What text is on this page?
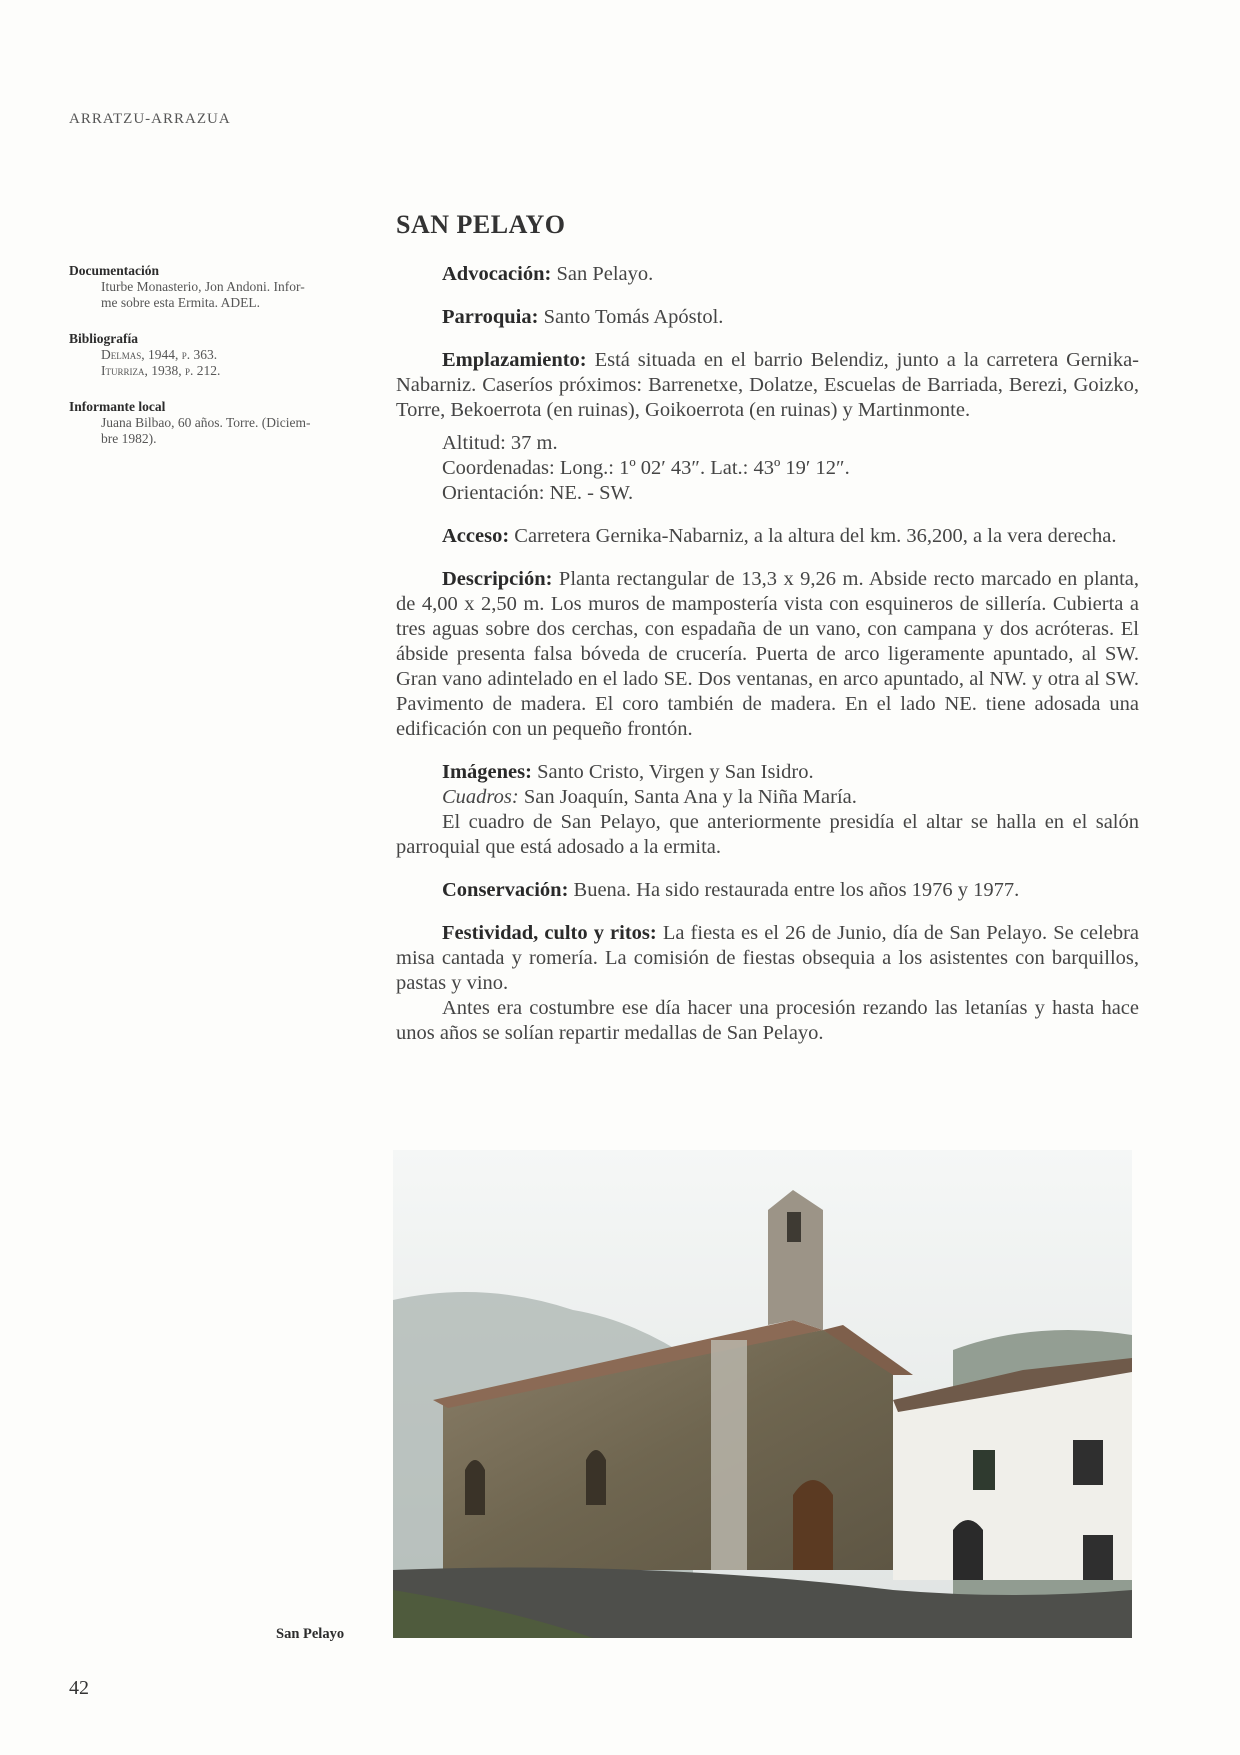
ARRATZU-ARRAZUA
Documentación
Iturbe Monasterio, Jon Andoni. Infor-
me sobre esta Ermita. ADEL.
Bibliografía
Delmas, 1944, p. 363.
Iturriza, 1938, p. 212.
Informante local
Juana Bilbao, 60 años. Torre. (Diciem-
bre 1982).
SAN PELAYO

Advocación: San Pelayo.

Parroquia: Santo Tomás Apóstol.

Emplazamiento: Está situada en el barrio Belendiz, junto a la carretera Gernika-Nabarniz. Caseríos próximos: Barrenetxe, Dolatze, Escuelas de Barriada, Berezi, Goizko, Torre, Bekoerrota (en ruinas), Goikoerrota (en ruinas) y Martinmonte.

Altitud: 37 m.
Coordenadas: Long.: 1º 02′ 43″. Lat.: 43º 19′ 12″.
Orientación: NE. - SW.

Acceso: Carretera Gernika-Nabarniz, a la altura del km. 36,200, a la vera derecha.

Descripción: Planta rectangular de 13,3 x 9,26 m. Abside recto marcado en planta, de 4,00 x 2,50 m. Los muros de mampostería vista con esquineros de sillería. Cubierta a tres aguas sobre dos cerchas, con espadaña de un vano, con campana y dos acróteras. El ábside presenta falsa bóveda de crucería. Puerta de arco ligeramente apuntado, al SW. Gran vano adintelado en el lado SE. Dos ventanas, en arco apuntado, al NW. y otra al SW. Pavimento de madera. El coro también de madera. En el lado NE. tiene adosada una edificación con un pequeño frontón.

Imágenes: Santo Cristo, Virgen y San Isidro.
Cuadros: San Joaquín, Santa Ana y la Niña María.

El cuadro de San Pelayo, que anteriormente presidía el altar se halla en el salón parroquial que está adosado a la ermita.

Conservación: Buena. Ha sido restaurada entre los años 1976 y 1977.

Festividad, culto y ritos: La fiesta es el 26 de Junio, día de San Pelayo. Se celebra misa cantada y romería. La comisión de fiestas obsequia a los asistentes con barquillos, pastas y vino.

Antes era costumbre ese día hacer una procesión rezando las letanías y hasta hace unos años se solían repartir medallas de San Pelayo.

San Pelayo
42
